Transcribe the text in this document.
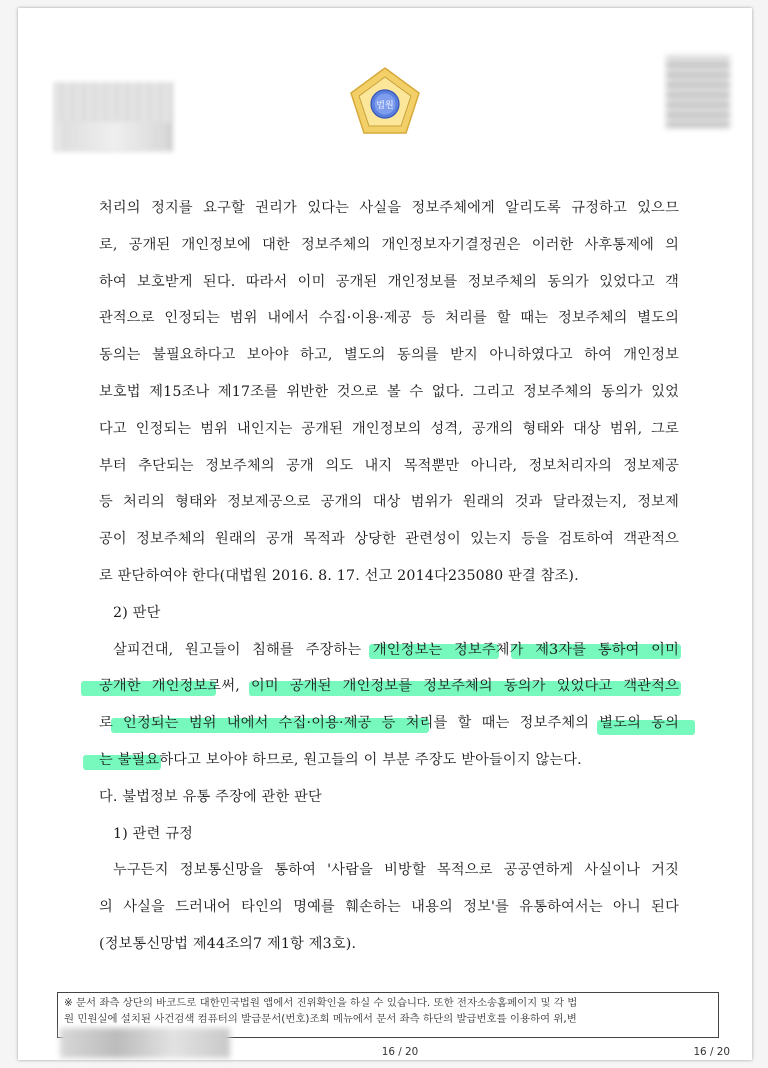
법원
처리의 정지를 요구할 권리가 있다는 사실을 정보주체에게 알리도록 규정하고 있으므
로, 공개된 개인정보에 대한 정보주체의 개인정보자기결정권은 이러한 사후통제에 의
하여 보호받게 된다. 따라서 이미 공개된 개인정보를 정보주체의 동의가 있었다고 객
관적으로 인정되는 범위 내에서 수집·이용·제공 등 처리를 할 때는 정보주체의 별도의
동의는 불필요하다고 보아야 하고, 별도의 동의를 받지 아니하였다고 하여 개인정보
보호법 제15조나 제17조를 위반한 것으로 볼 수 없다. 그리고 정보주체의 동의가 있었
다고 인정되는 범위 내인지는 공개된 개인정보의 성격, 공개의 형태와 대상 범위, 그로
부터 추단되는 정보주체의 공개 의도 내지 목적뿐만 아니라, 정보처리자의 정보제공
등 처리의 형태와 정보제공으로 공개의 대상 범위가 원래의 것과 달라졌는지, 정보제
공이 정보주체의 원래의 공개 목적과 상당한 관련성이 있는지 등을 검토하여 객관적으
로 판단하여야 한다(대법원 2016. 8. 17. 선고 2014다235080 판결 참조).
2) 판단
살피건대, 원고들이 침해를 주장하는 개인정보는 정보주체가 제3자를 통하여 이미
공개한 개인정보로써, 이미 공개된 개인정보를 정보주체의 동의가 있었다고 객관적으
로 인정되는 범위 내에서 수집·이용·제공 등 처리를 할 때는 정보주체의 별도의 동의
는 불필요하다고 보아야 하므로, 원고들의 이 부분 주장도 받아들이지 않는다.
다. 불법정보 유통 주장에 관한 판단
1) 관련 규정
누구든지 정보통신망을 통하여 '사람을 비방할 목적으로 공공연하게 사실이나 거짓
의 사실을 드러내어 타인의 명예를 훼손하는 내용의 정보'를 유통하여서는 아니 된다
(정보통신망법 제44조의7 제1항 제3호).
※ 문서 좌측 상단의 바코드로 대한민국법원 앱에서 진위확인을 하실 수 있습니다. 또한 전자소송홈페이지 및 각 법
원 민원실에 설치된 사건검색 컴퓨터의 발급문서(번호)조회 메뉴에서 문서 좌측 하단의 발급번호를 이용하여 위,변
16 / 20	16 / 20
